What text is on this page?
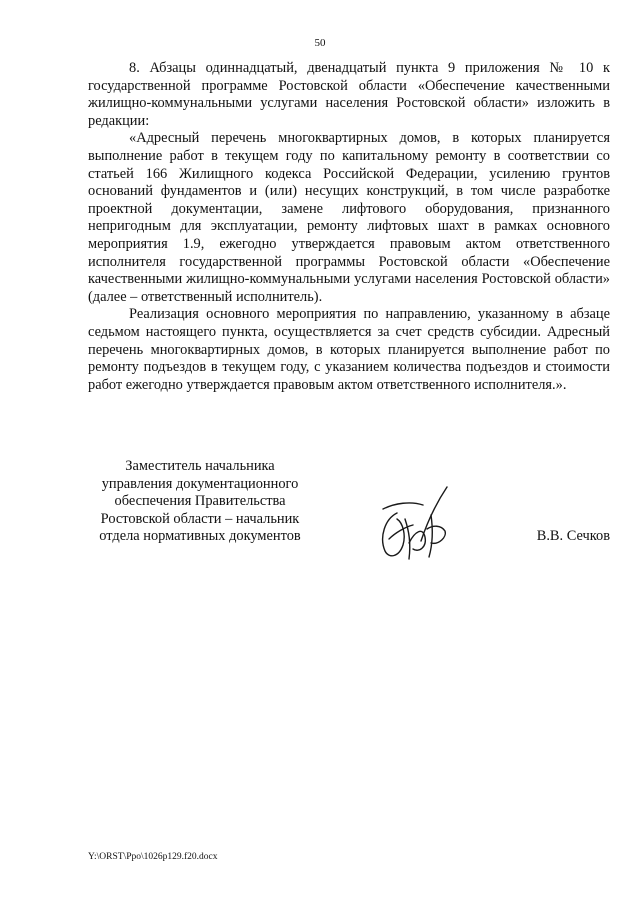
50

8. Абзацы одиннадцатый, двенадцатый пункта 9 приложения № 10 к государственной программе Ростовской области «Обеспечение качественными жилищно-коммунальными услугами населения Ростовской области» изложить в редакции:

«Адресный перечень многоквартирных домов, в которых планируется выполнение работ в текущем году по капитальному ремонту в соответствии со статьей 166 Жилищного кодекса Российской Федерации, усилению грунтов оснований фундаментов и (или) несущих конструкций, в том числе разработке проектной документации, замене лифтового оборудования, признанного непригодным для эксплуатации, ремонту лифтовых шахт в рамках основного мероприятия 1.9, ежегодно утверждается правовым актом ответственного исполнителя государственной программы Ростовской области «Обеспечение качественными жилищно-коммунальными услугами населения Ростовской области» (далее – ответственный исполнитель).

Реализация основного мероприятия по направлению, указанному в абзаце седьмом настоящего пункта, осуществляется за счет средств субсидии. Адресный перечень многоквартирных домов, в которых планируется выполнение работ по ремонту подъездов в текущем году, с указанием количества подъездов и стоимости работ ежегодно утверждается правовым актом ответственного исполнителя.».

Заместитель начальника
управления документационного
обеспечения Правительства
Ростовской области – начальник
отдела нормативных документов	В.В. Сечков
Y:\ORST\Ppo\1026p129.f20.docx
